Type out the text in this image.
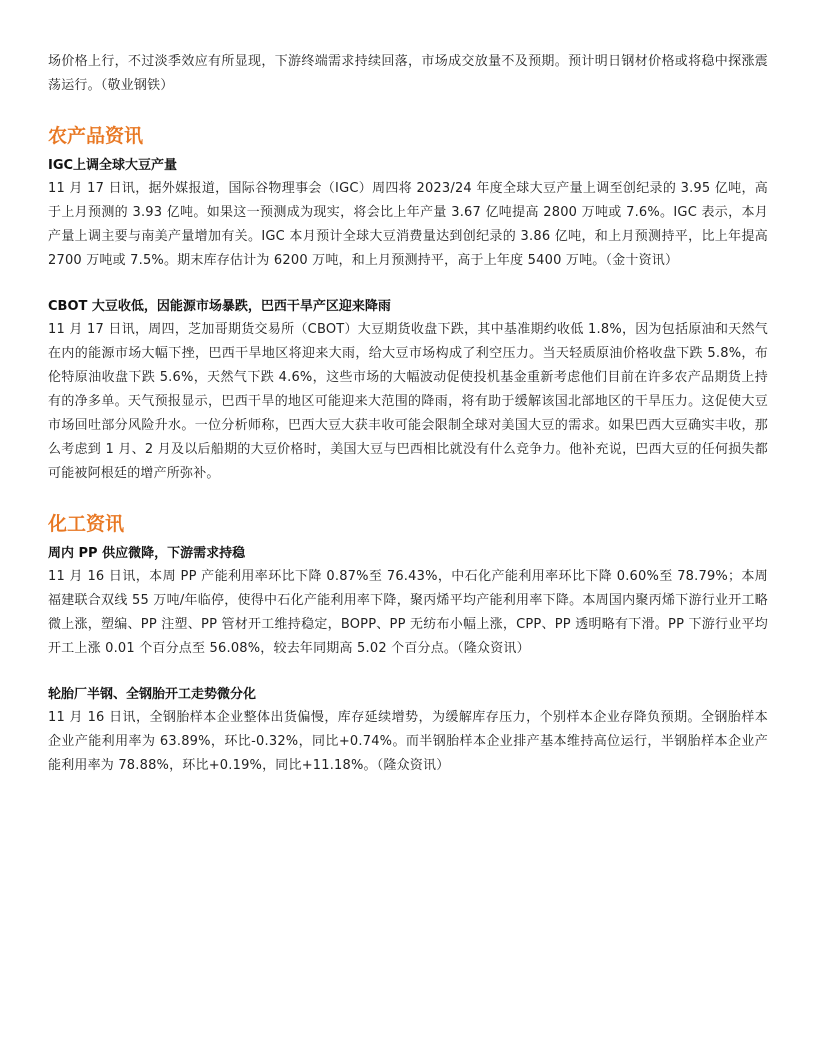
场价格上行，不过淡季效应有所显现，下游终端需求持续回落，市场成交放量不及预期。预计明日钢材价格或将稳中探涨震荡运行。（敬业钢铁）

农产品资讯
IGC上调全球大豆产量

11 月 17 日讯，据外媒报道，国际谷物理事会（IGC）周四将 2023/24 年度全球大豆产量上调至创纪录的 3.95 亿吨，高于上月预测的 3.93 亿吨。如果这一预测成为现实，将会比上年产量 3.67 亿吨提高 2800 万吨或 7.6%。IGC 表示，本月产量上调主要与南美产量增加有关。IGC 本月预计全球大豆消费量达到创纪录的 3.86 亿吨，和上月预测持平，比上年提高 2700 万吨或 7.5%。期末库存估计为 6200 万吨，和上月预测持平，高于上年度 5400 万吨。（金十资讯）

CBOT 大豆收低，因能源市场暴跌，巴西干旱产区迎来降雨

11 月 17 日讯，周四，芝加哥期货交易所（CBOT）大豆期货收盘下跌，其中基准期约收低 1.8%，因为包括原油和天然气在内的能源市场大幅下挫，巴西干旱地区将迎来大雨，给大豆市场构成了利空压力。当天轻质原油价格收盘下跌 5.8%，布伦特原油收盘下跌 5.6%，天然气下跌 4.6%，这些市场的大幅波动促使投机基金重新考虑他们目前在许多农产品期货上持有的净多单。天气预报显示，巴西干旱的地区可能迎来大范围的降雨，将有助于缓解该国北部地区的干旱压力。这促使大豆市场回吐部分风险升水。一位分析师称，巴西大豆大获丰收可能会限制全球对美国大豆的需求。如果巴西大豆确实丰收，那么考虑到 1 月、2 月及以后船期的大豆价格时，美国大豆与巴西相比就没有什么竞争力。他补充说，巴西大豆的任何损失都可能被阿根廷的增产所弥补。

化工资讯
周内 PP 供应微降，下游需求持稳

11 月 16 日讯，本周 PP 产能利用率环比下降 0.87%至 76.43%，中石化产能利用率环比下降 0.60%至 78.79%；本周福建联合双线 55 万吨/年临停，使得中石化产能利用率下降，聚丙烯平均产能利用率下降。本周国内聚丙烯下游行业开工略微上涨，塑编、PP 注塑、PP 管材开工维持稳定，BOPP、PP 无纺布小幅上涨，CPP、PP 透明略有下滑。PP 下游行业平均开工上涨 0.01 个百分点至 56.08%，较去年同期高 5.02 个百分点。（隆众资讯）

轮胎厂半钢、全钢胎开工走势微分化

11 月 16 日讯，全钢胎样本企业整体出货偏慢，库存延续增势，为缓解库存压力，个别样本企业存降负预期。全钢胎样本企业产能利用率为 63.89%，环比-0.32%，同比+0.74%。而半钢胎样本企业排产基本维持高位运行，半钢胎样本企业产能利用率为 78.88%，环比+0.19%，同比+11.18%。（隆众资讯）
